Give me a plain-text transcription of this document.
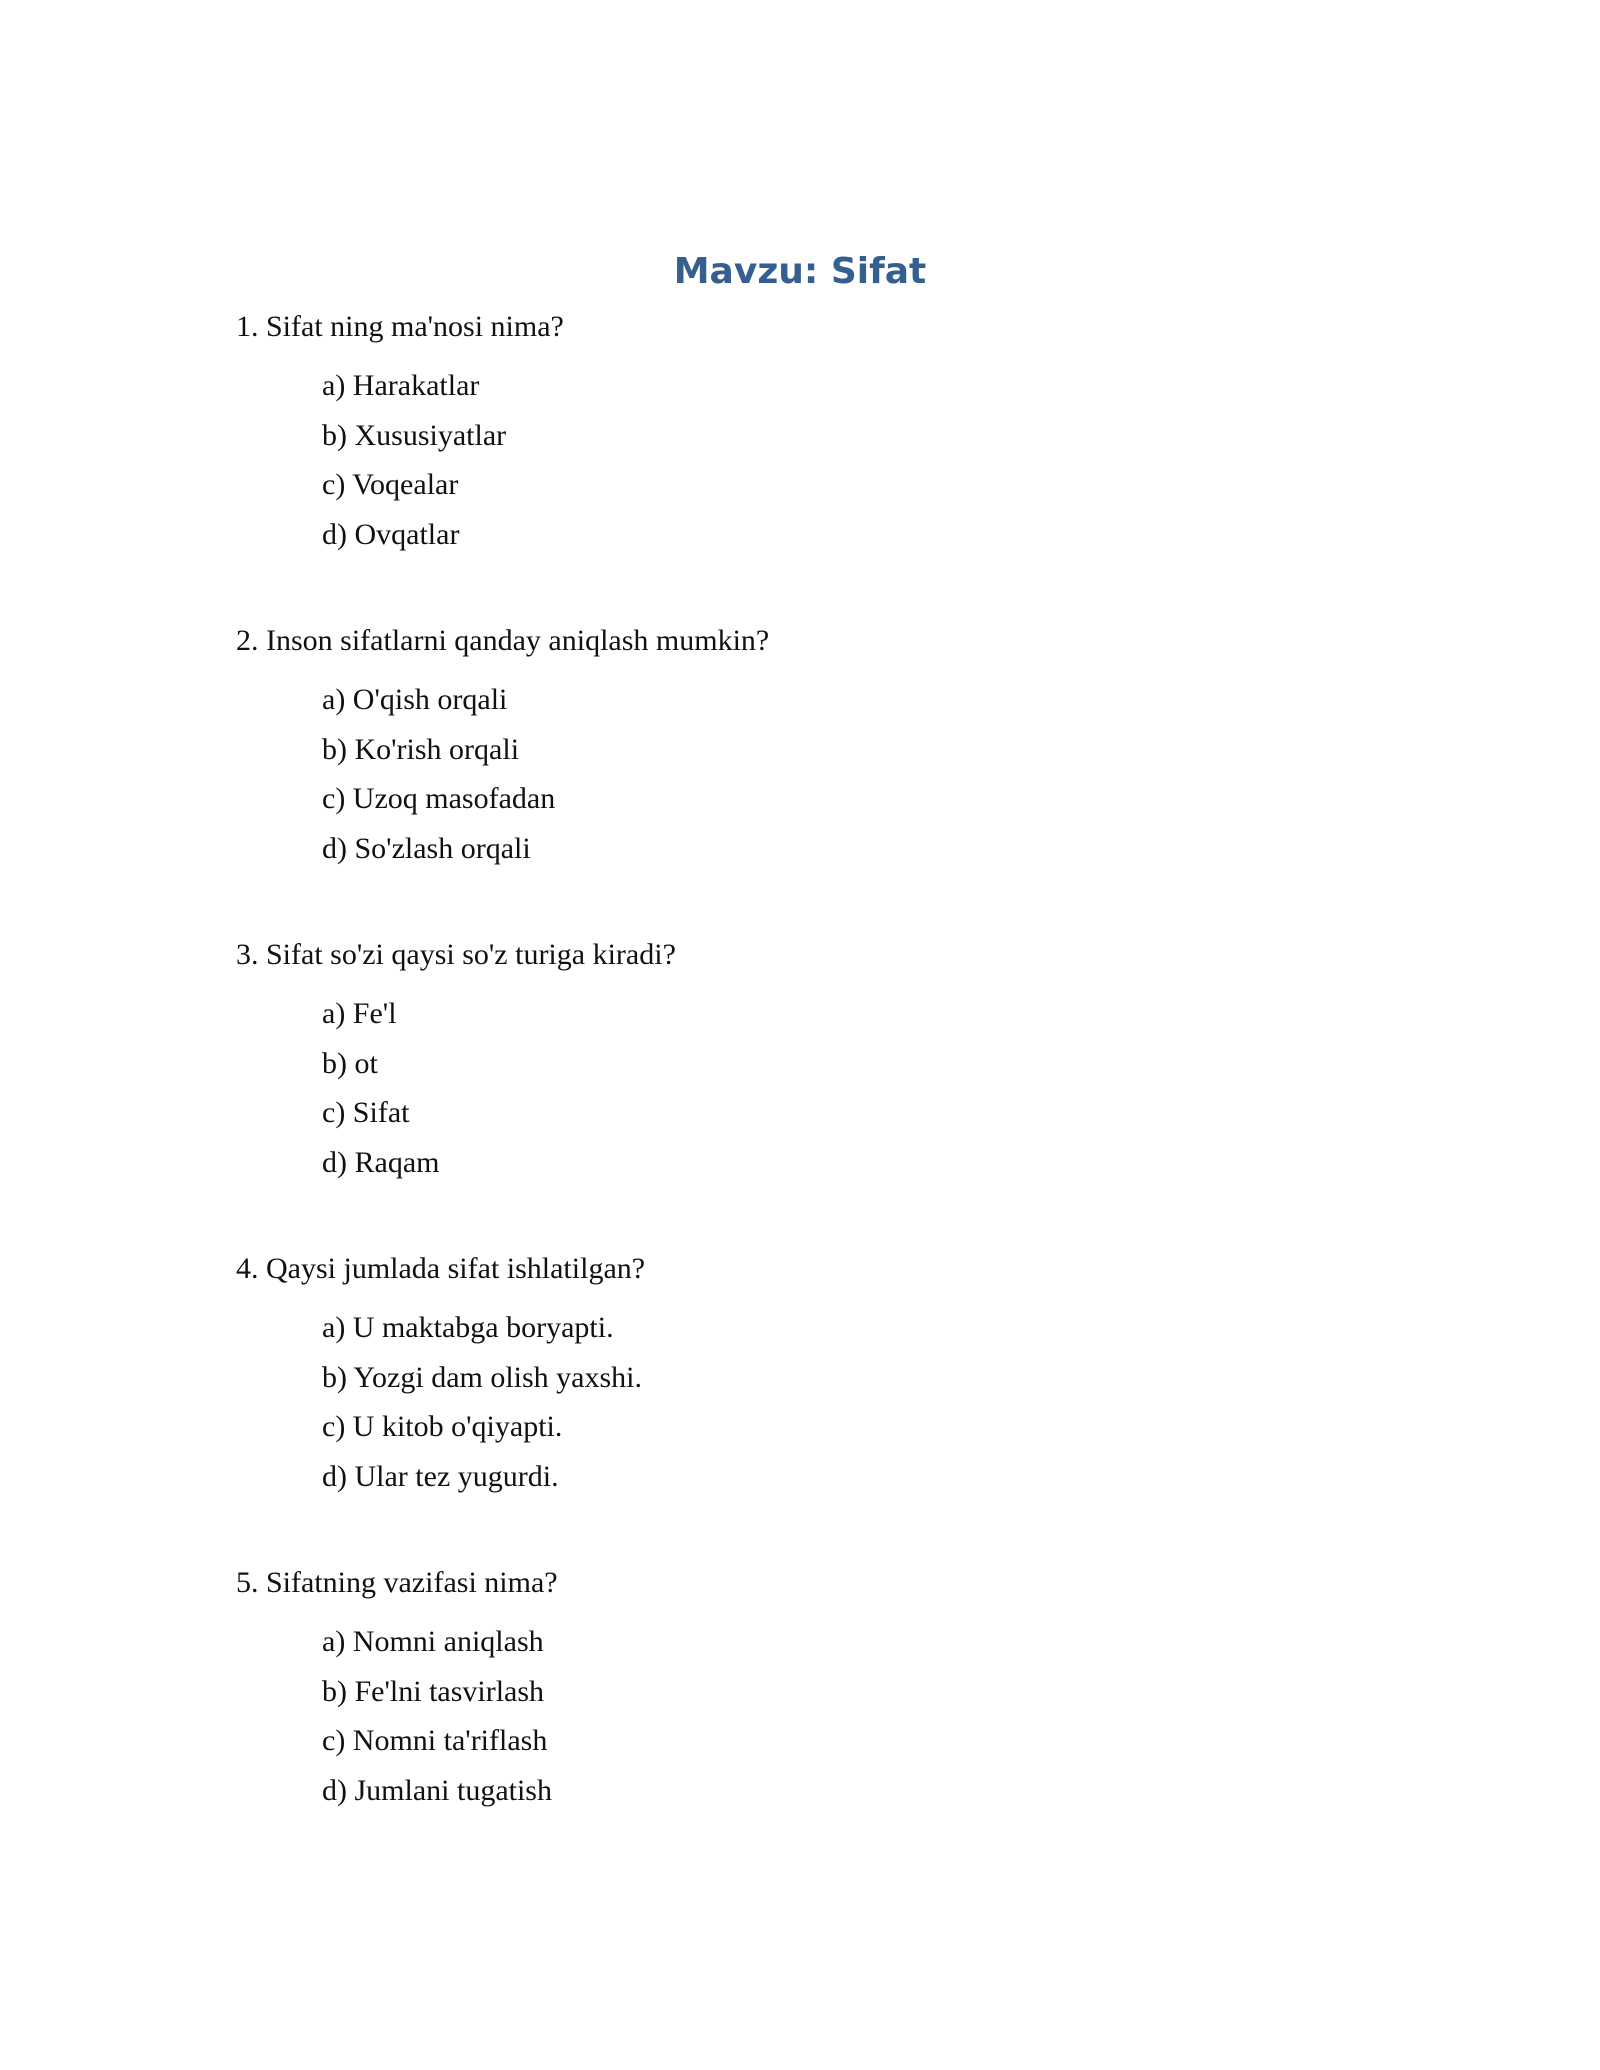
Mavzu: Sifat
1. Sifat ning ma'nosi nima?
a) Harakatlar
b) Xususiyatlar
c) Voqealar
d) Ovqatlar
2. Inson sifatlarni qanday aniqlash mumkin?
a) O'qish orqali
b) Ko'rish orqali
c) Uzoq masofadan
d) So'zlash orqali
3. Sifat so'zi qaysi so'z turiga kiradi?
a) Fe'l
b) ot
c) Sifat
d) Raqam
4. Qaysi jumlada sifat ishlatilgan?
a) U maktabga boryapti.
b) Yozgi dam olish yaxshi.
c) U kitob o'qiyapti.
d) Ular tez yugurdi.
5. Sifatning vazifasi nima?
a) Nomni aniqlash
b) Fe'lni tasvirlash
c) Nomni ta'riflash
d) Jumlani tugatish
